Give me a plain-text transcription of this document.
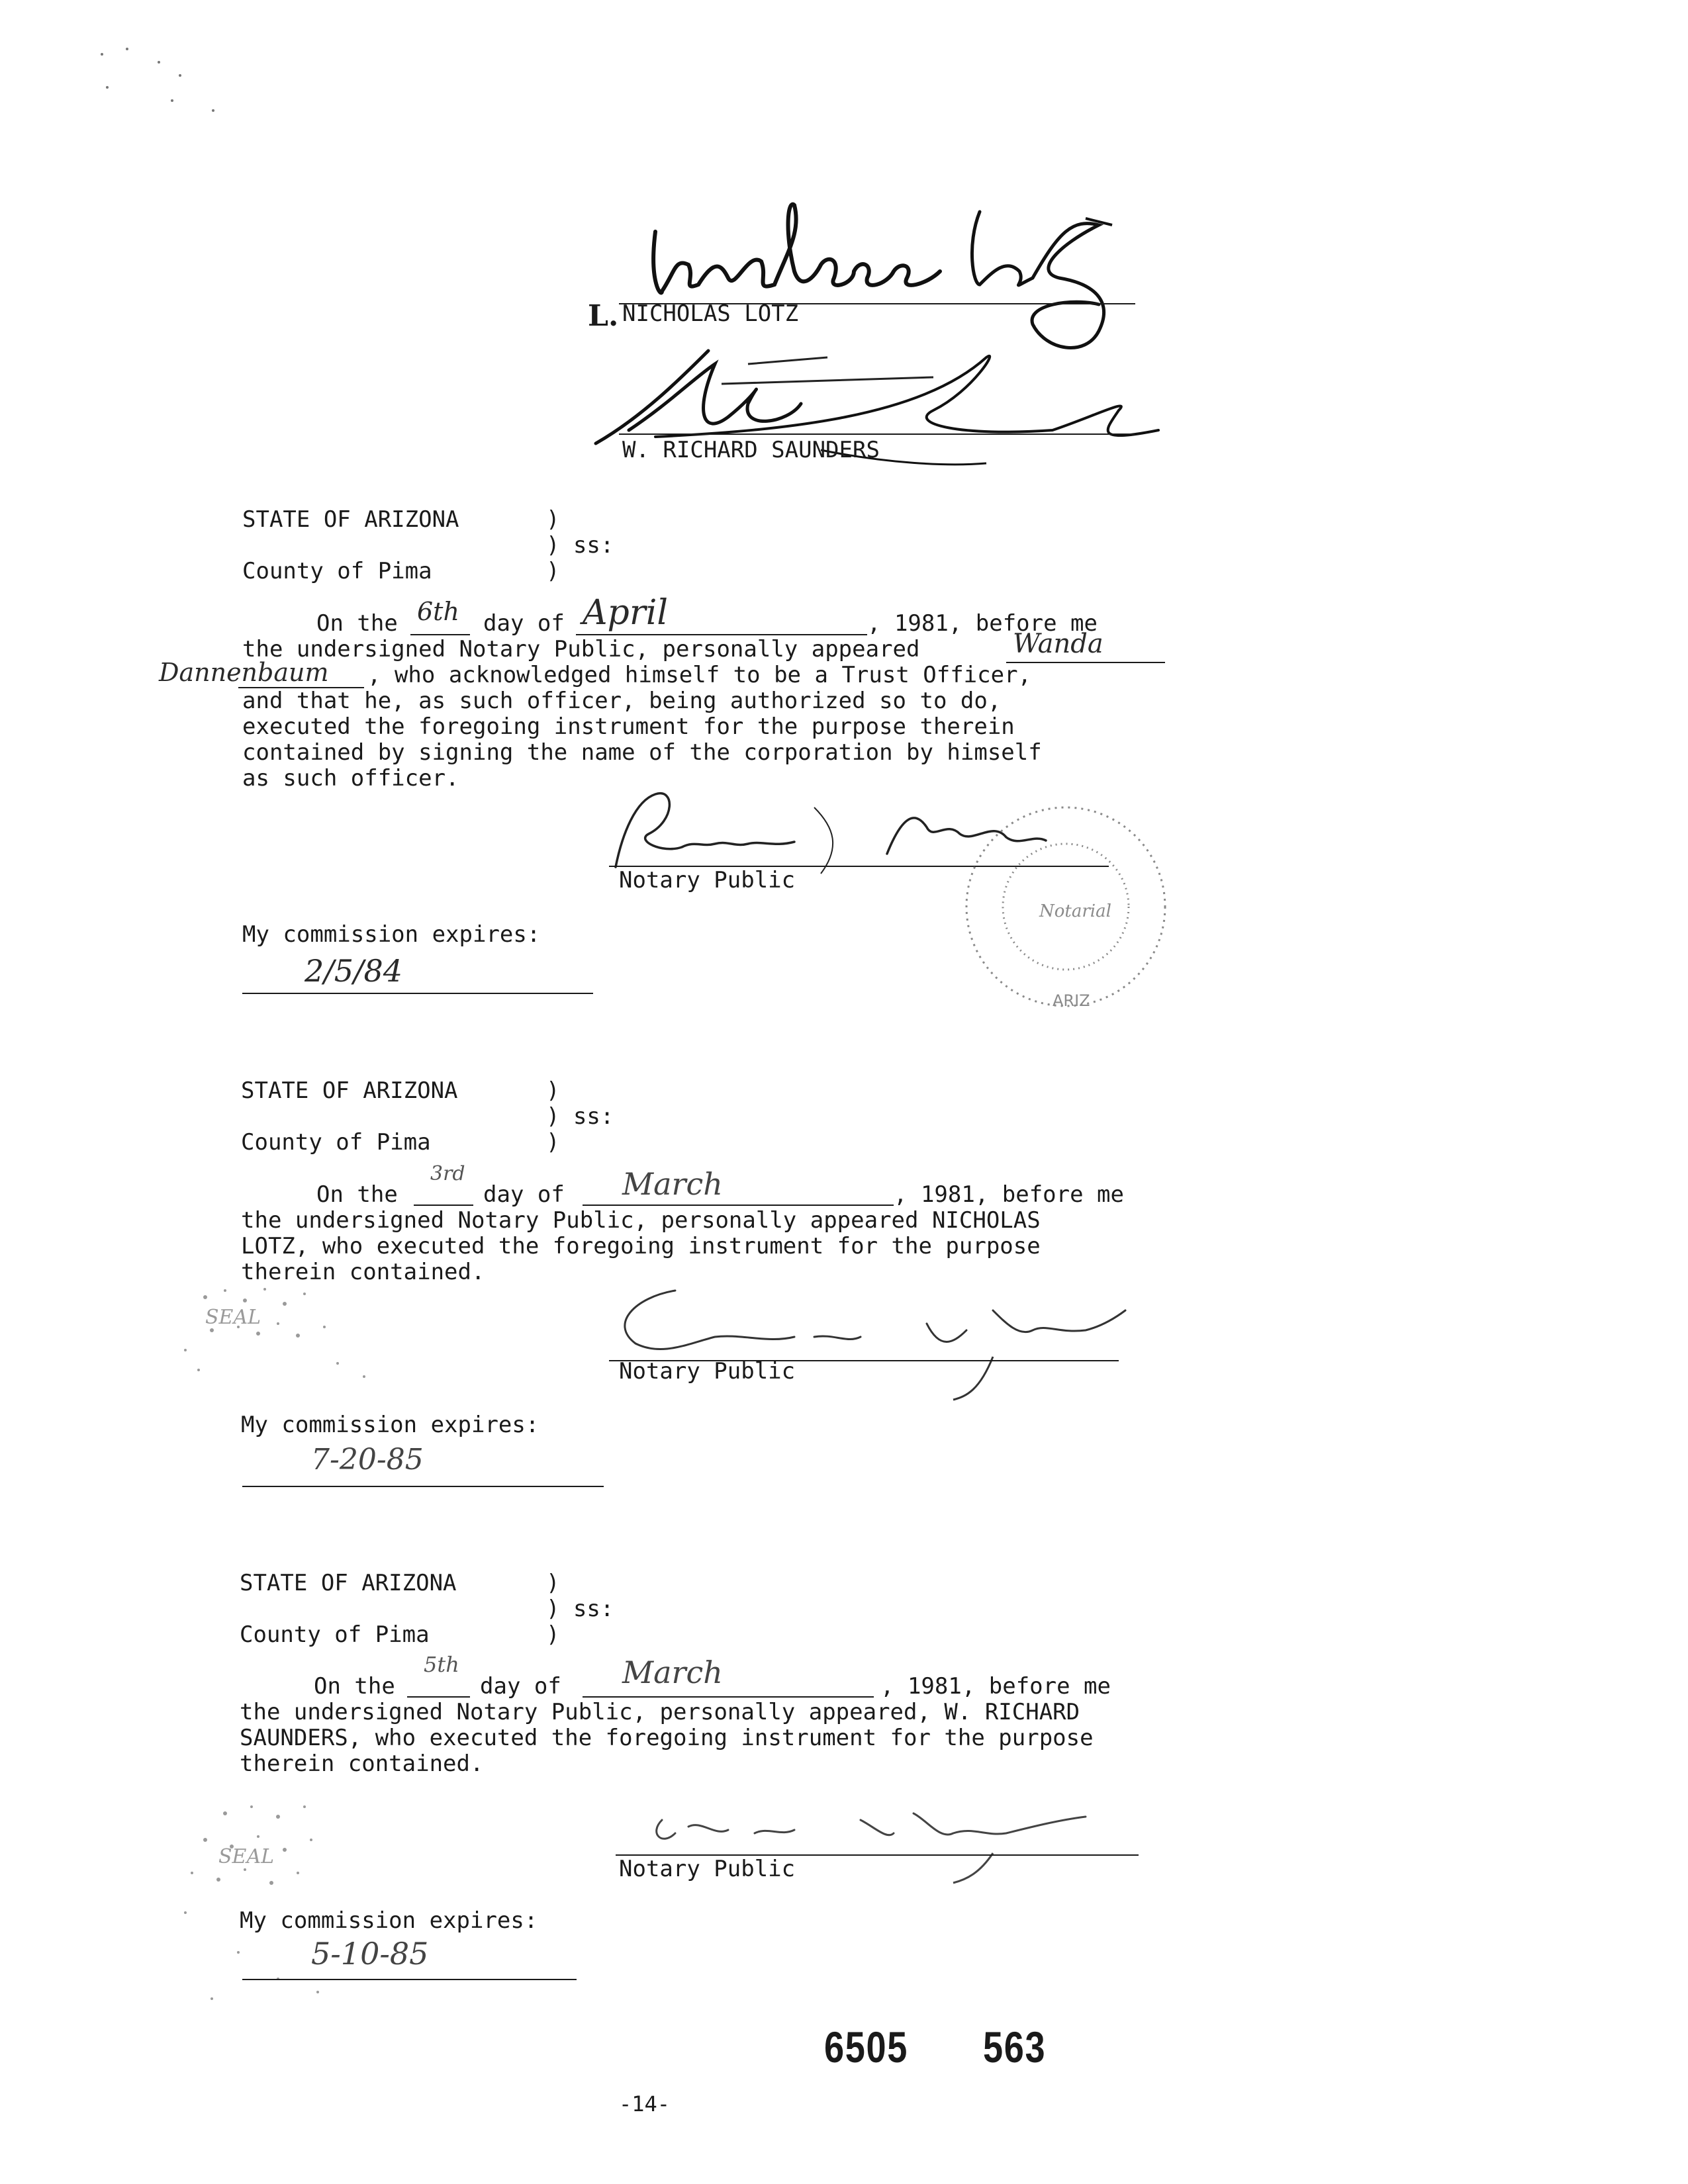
L. NICHOLAS LOTZ
W. RICHARD SAUNDERS
STATE OF ARIZONA	)
) ss:
County of Pima	)
On the 6th day of April	, 1981, before me
the undersigned Notary Public, personally appeared	Wanda
Dannenbaum , who acknowledged himself to be a Trust Officer,
and that he, as such officer, being authorized so to do,
executed the foregoing instrument for the purpose therein
contained by signing the name of the corporation by himself
as such officer.
Notary Public
Notarial
ARIZ
My commission expires:
2/5/84
STATE OF ARIZONA	)
) ss:
County of Pima	)
On the
3rd
day of March	, 1981, before me
the undersigned Notary Public, personally appeared NICHOLAS
LOTZ, who executed the foregoing instrument for the purpose
therein contained.
SEAL
Notary Public
My commission expires:
7-20-85
STATE OF ARIZONA	)
) ss:
County of Pima	)
On the
5th
day of March	, 1981, before me
the undersigned Notary Public, personally appeared, W. RICHARD
SAUNDERS, who executed the foregoing instrument for the purpose
therein contained.
SEAL	Notary Public
My commission expires:
5-10-85
6505 563
-14-
